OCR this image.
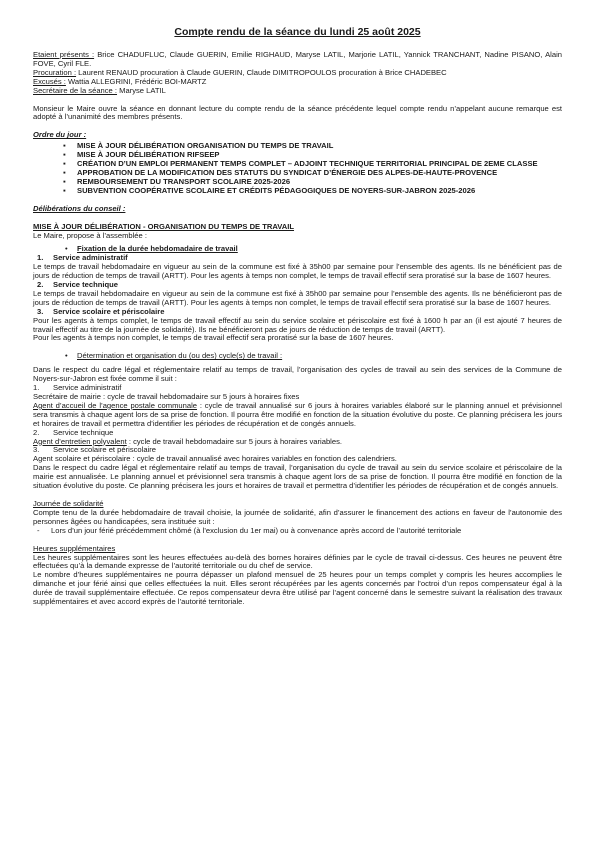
Compte rendu de la séance du lundi 25 août 2025

Etaient présents : Brice CHADUFLUC, Claude GUERIN, Emilie RIGHAUD, Maryse LATIL, Marjorie LATIL, Yannick TRANCHANT, Nadine PISANO, Alain FOVE, Cyril FLE.

Procuration : Laurent RENAUD procuration à Claude GUERIN, Claude DIMITROPOULOS procuration à Brice CHADEBEC

Excusés : Wattia ALLEGRINI, Frédéric BOI-MARTZ

Secrétaire de la séance : Maryse LATIL

Monsieur le Maire ouvre la séance en donnant lecture du compte rendu de la séance précédente lequel compte rendu n’appelant aucune remarque est adopté à l’unanimité des membres présents.

Ordre du jour :

▪ MISE À JOUR DÉLIBÉRATION ORGANISATION DU TEMPS DE TRAVAIL
▪ MISE À JOUR DÉLIBÉRATION RIFSEEP
▪ CRÉATION D’UN EMPLOI PERMANENT TEMPS COMPLET – ADJOINT TECHNIQUE TERRITORIAL PRINCIPAL DE 2EME CLASSE
▪ APPROBATION DE LA MODIFICATION DES STATUTS DU SYNDICAT D’ÉNERGIE DES ALPES-DE-HAUTE-PROVENCE
▪ REMBOURSEMENT DU TRANSPORT SCOLAIRE 2025-2026
▪ SUBVENTION COOPÉRATIVE SCOLAIRE ET CRÉDITS PÉDAGOGIQUES DE NOYERS-SUR-JABRON 2025-2026

Délibérations du conseil :

MISE À JOUR DÉLIBÉRATION - ORGANISATION DU TEMPS DE TRAVAIL

Le Maire, propose à l’assemblée :

• Fixation de la durée hebdomadaire de travail

1. Service administratif

Le temps de travail hebdomadaire en vigueur au sein de la commune est fixé à 35h00 par semaine pour l’ensemble des agents. Ils ne bénéficient pas de jours de réduction de temps de travail (ARTT). Pour les agents à temps non complet, le temps de travail effectif sera proratisé sur la base de 1607 heures.

2. Service technique

Le temps de travail hebdomadaire en vigueur au sein de la commune est fixé à 35h00 par semaine pour l’ensemble des agents. Ils ne bénéficieront pas de jours de réduction de temps de travail (ARTT). Pour les agents à temps non complet, le temps de travail effectif sera proratisé sur la base de 1607 heures.

3. Service scolaire et périscolaire

Pour les agents à temps complet, le temps de travail effectif au sein du service scolaire et périscolaire est fixé à 1600 h par an (il est ajouté 7 heures de travail effectif au titre de la journée de solidarité). Ils ne bénéficieront pas de jours de réduction de temps de travail (ARTT).

Pour les agents à temps non complet, le temps de travail effectif sera proratisé sur la base de 1607 heures.

• Détermination et organisation du (ou des) cycle(s) de travail :

Dans le respect du cadre légal et réglementaire relatif au temps de travail, l’organisation des cycles de travail au sein des services de la Commune de Noyers-sur-Jabron est fixée comme il suit :

1. Service administratif

Secrétaire de mairie : cycle de travail hebdomadaire sur 5 jours à horaires fixes

Agent d’accueil de l’agence postale communale : cycle de travail annualisé sur 6 jours à horaires variables élaboré sur le planning annuel et prévisionnel sera transmis à chaque agent lors de sa prise de fonction. Il pourra être modifié en fonction de la situation évolutive du poste. Ce planning précisera les jours et horaires de travail et permettra d’identifier les périodes de récupération et de congés annuels.

2. Service technique

Agent d’entretien polyvalent : cycle de travail hebdomadaire sur 5 jours à horaires variables.

3. Service scolaire et périscolaire

Agent scolaire et périscolaire : cycle de travail annualisé avec horaires variables en fonction des calendriers.

Dans le respect du cadre légal et réglementaire relatif au temps de travail, l’organisation du cycle de travail au sein du service scolaire et périscolaire de la mairie est annualisée. Le planning annuel et prévisionnel sera transmis à chaque agent lors de sa prise de fonction. Il pourra être modifié en fonction de la situation évolutive du poste. Ce planning précisera les jours et horaires de travail et permettra d’identifier les périodes de récupération et de congés annuels.

Journée de solidarité

Compte tenu de la durée hebdomadaire de travail choisie, la journée de solidarité, afin d’assurer le financement des actions en faveur de l’autonomie des personnes âgées ou handicapées, sera instituée suit :

- Lors d’un jour férié précédemment chômé (à l’exclusion du 1er mai) ou à convenance après accord de l’autorité territoriale

Heures supplémentaires

Les heures supplémentaires sont les heures effectuées au-delà des bornes horaires définies par le cycle de travail ci-dessus. Ces heures ne peuvent être effectuées qu’à la demande expresse de l’autorité territoriale ou du chef de service.

Le nombre d’heures supplémentaires ne pourra dépasser un plafond mensuel de 25 heures pour un temps complet y compris les heures accomplies le dimanche et jour férié ainsi que celles effectuées la nuit. Elles seront récupérées par les agents concernés par l’octroi d’un repos compensateur égal à la durée de travail supplémentaire effectuée. Ce repos compensateur devra être utilisé par l’agent concerné dans le semestre suivant la réalisation des travaux supplémentaires et avec accord exprès de l’autorité territoriale.
